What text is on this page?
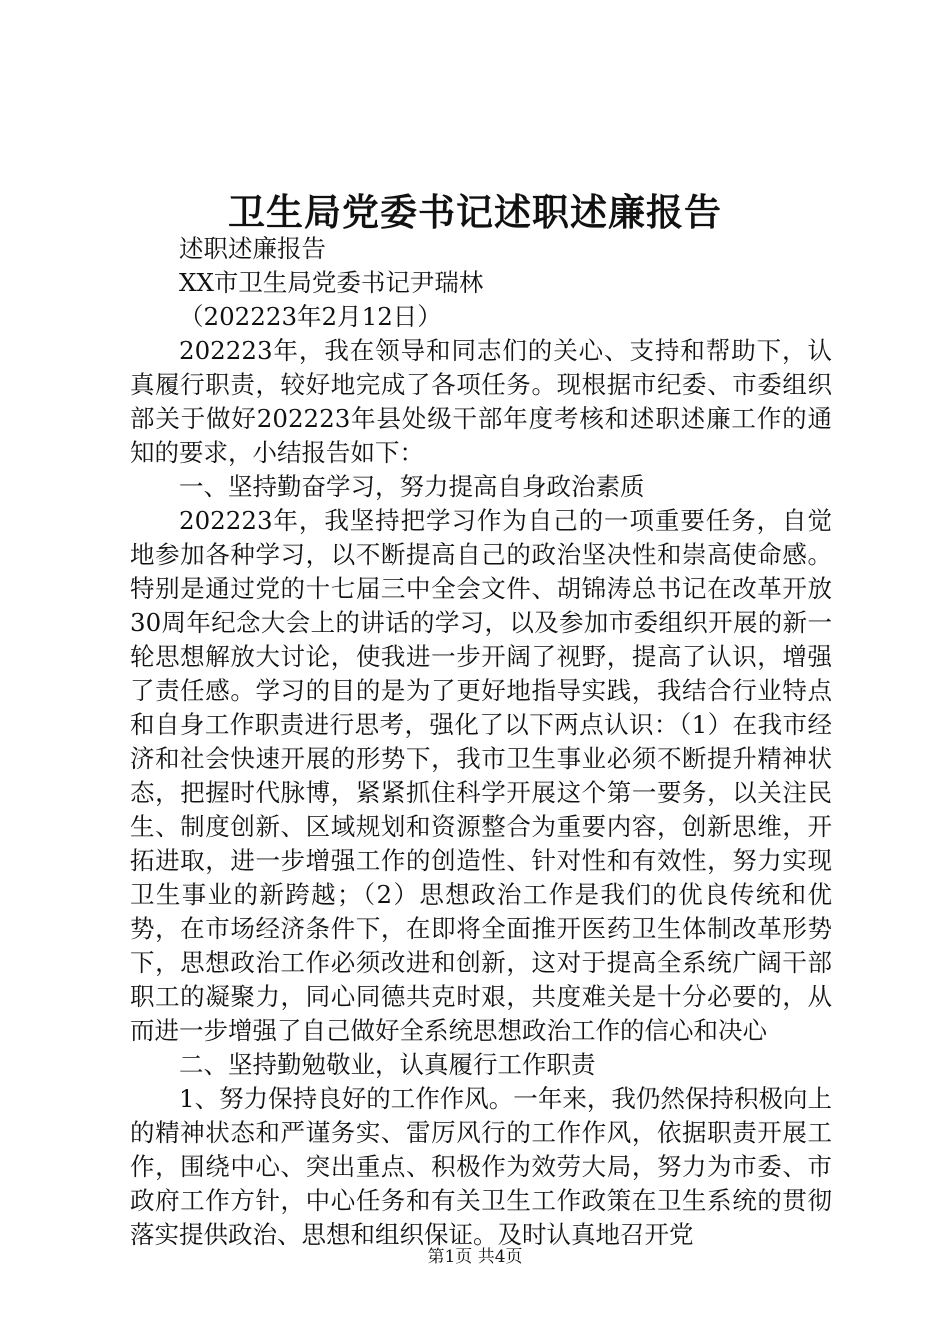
卫生局党委书记述职述廉报告

述职述廉报告

XX市卫生局党委书记尹瑞林

（202223年2月12日）

202223年，我在领导和同志们的关心、支持和帮助下，认真履行职责，较好地完成了各项任务。现根据市纪委、市委组织部关于做好202223年县处级干部年度考核和述职述廉工作的通知的要求，小结报告如下：

一、坚持勤奋学习，努力提高自身政治素质

202223年，我坚持把学习作为自己的一项重要任务，自觉地参加各种学习，以不断提高自己的政治坚决性和崇高使命感。特别是通过党的十七届三中全会文件、胡锦涛总书记在改革开放30周年纪念大会上的讲话的学习，以及参加市委组织开展的新一轮思想解放大讨论，使我进一步开阔了视野，提高了认识，增强了责任感。学习的目的是为了更好地指导实践，我结合行业特点和自身工作职责进行思考，强化了以下两点认识：（1）在我市经济和社会快速开展的形势下，我市卫生事业必须不断提升精神状态，把握时代脉博，紧紧抓住科学开展这个第一要务，以关注民生、制度创新、区域规划和资源整合为重要内容，创新思维，开拓进取，进一步增强工作的创造性、针对性和有效性，努力实现卫生事业的新跨越；（2）思想政治工作是我们的优良传统和优势，在市场经济条件下，在即将全面推开医药卫生体制改革形势下，思想政治工作必须改进和创新，这对于提高全系统广阔干部职工的凝聚力，同心同德共克时艰，共度难关是十分必要的，从而进一步增强了自己做好全系统思想政治工作的信心和决心

二、坚持勤勉敬业，认真履行工作职责

1、努力保持良好的工作作风。一年来，我仍然保持积极向上的精神状态和严谨务实、雷厉风行的工作作风，依据职责开展工作，围绕中心、突出重点、积极作为效劳大局，努力为市委、市政府工作方针，中心任务和有关卫生工作政策在卫生系统的贯彻落实提供政治、思想和组织保证。及时认真地召开党

第1页 共4页
